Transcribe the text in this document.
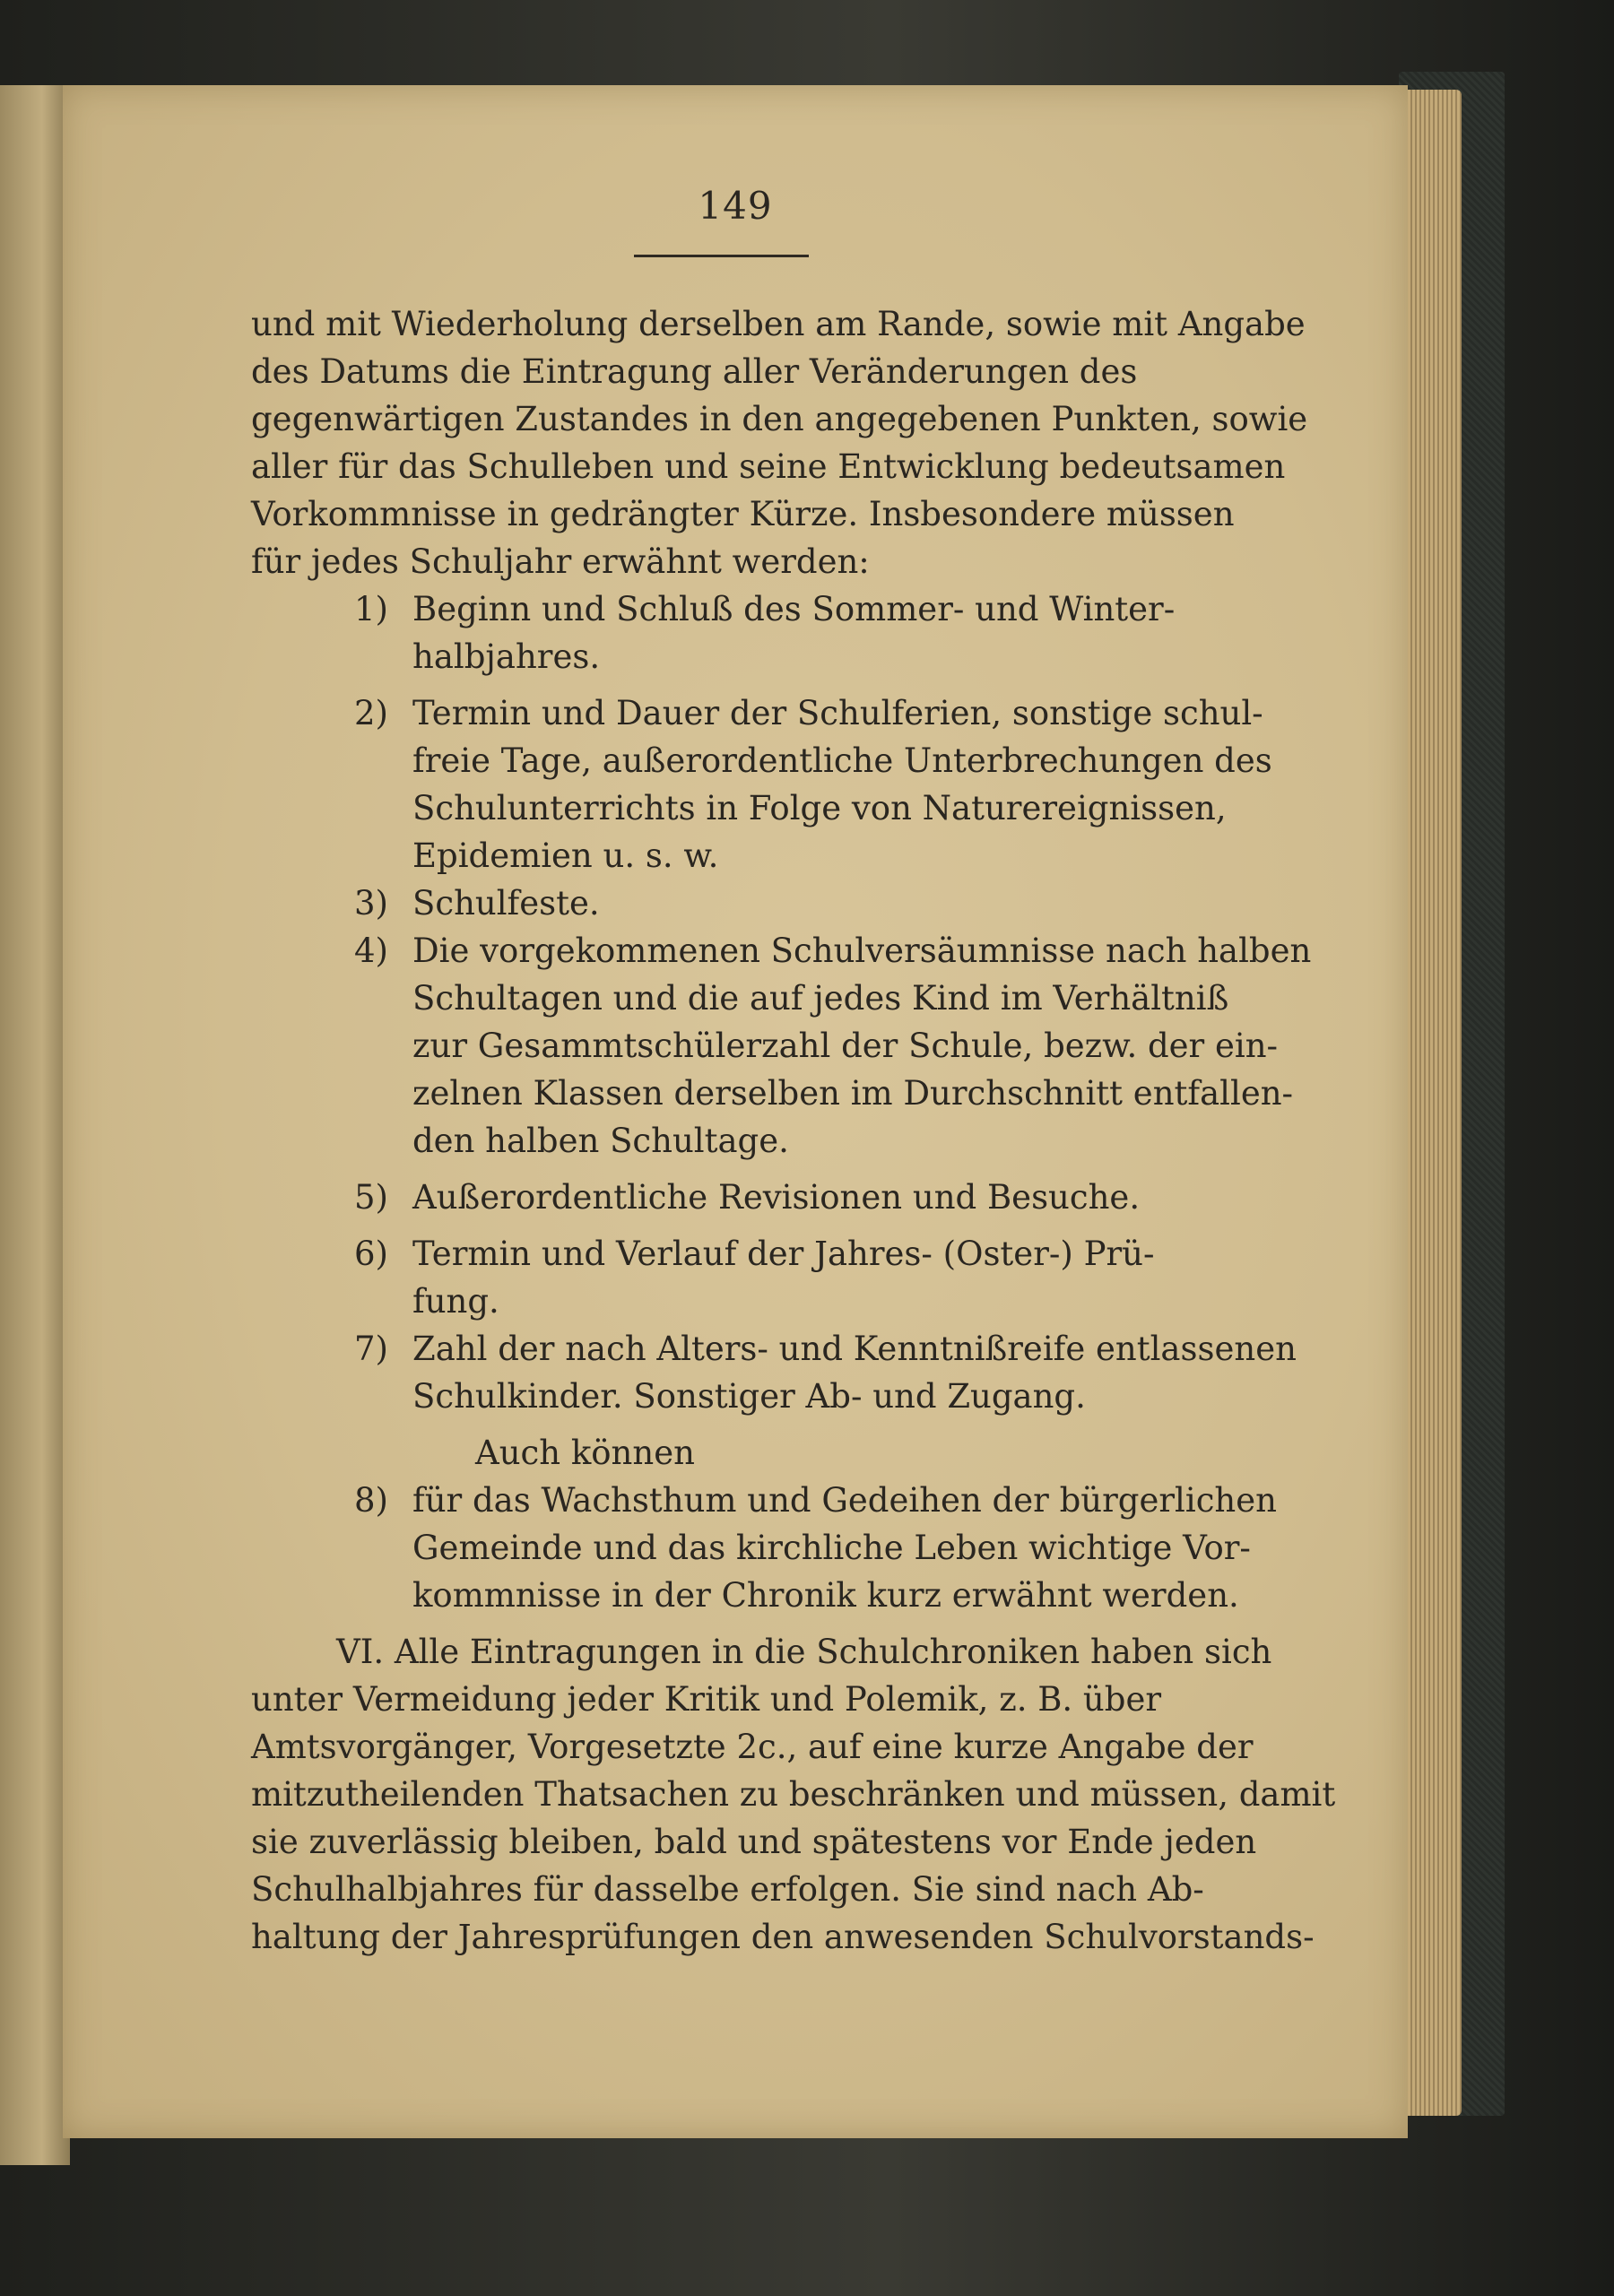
149
und mit Wiederholung derselben am Rande, sowie mit Angabe
des Datums die Eintragung aller Veränderungen des
gegenwärtigen Zustandes in den angegebenen Punkten, sowie
aller für das Schulleben und seine Entwicklung bedeutsamen
Vorkommnisse in gedrängter Kürze. Insbesondere müssen
für jedes Schuljahr erwähnt werden:
1) Beginn und Schluß des Sommer- und Winter-
halbjahres.
2) Termin und Dauer der Schulferien, sonstige schul-
freie Tage, außerordentliche Unterbrechungen des
Schulunterrichts in Folge von Naturereignissen,
Epidemien u. s. w.
3) Schulfeste.
4) Die vorgekommenen Schulversäumnisse nach halben
Schultagen und die auf jedes Kind im Verhältniß
zur Gesammtschülerzahl der Schule, bezw. der ein-
zelnen Klassen derselben im Durchschnitt entfallen-
den halben Schultage.
5) Außerordentliche Revisionen und Besuche.
6) Termin und Verlauf der Jahres- (Oster-) Prü-
fung.
7) Zahl der nach Alters- und Kenntnißreife entlassenen
Schulkinder. Sonstiger Ab- und Zugang.
Auch können
8) für das Wachsthum und Gedeihen der bürgerlichen
Gemeinde und das kirchliche Leben wichtige Vor-
kommnisse in der Chronik kurz erwähnt werden.
VI. Alle Eintragungen in die Schulchroniken haben sich
unter Vermeidung jeder Kritik und Polemik, z. B. über
Amtsvorgänger, Vorgesetzte 2c., auf eine kurze Angabe der
mitzutheilenden Thatsachen zu beschränken und müssen, damit
sie zuverlässig bleiben, bald und spätestens vor Ende jeden
Schulhalbjahres für dasselbe erfolgen. Sie sind nach Ab-
haltung der Jahresprüfungen den anwesenden Schulvorstands-
